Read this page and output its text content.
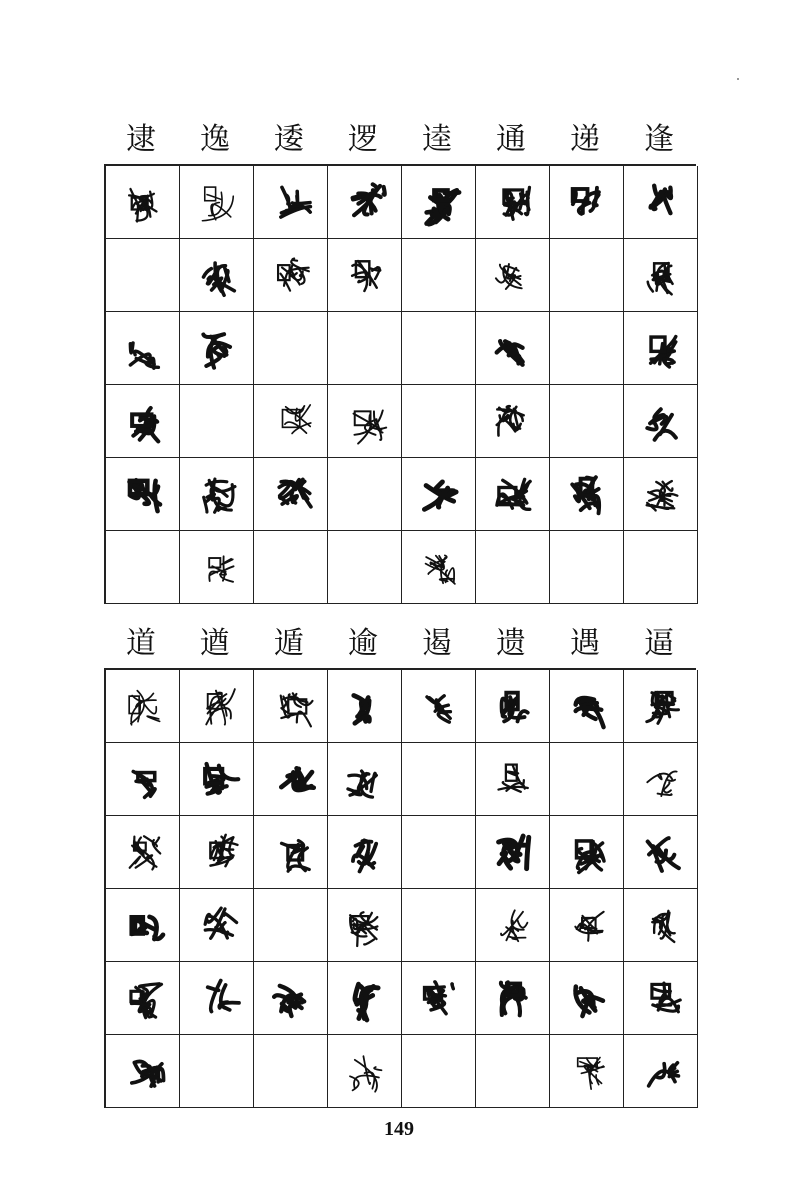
逮	逸	逶	逻	逵	通	递	逢
道	遒	遁	逾	遏	遗	遇	逼
149
